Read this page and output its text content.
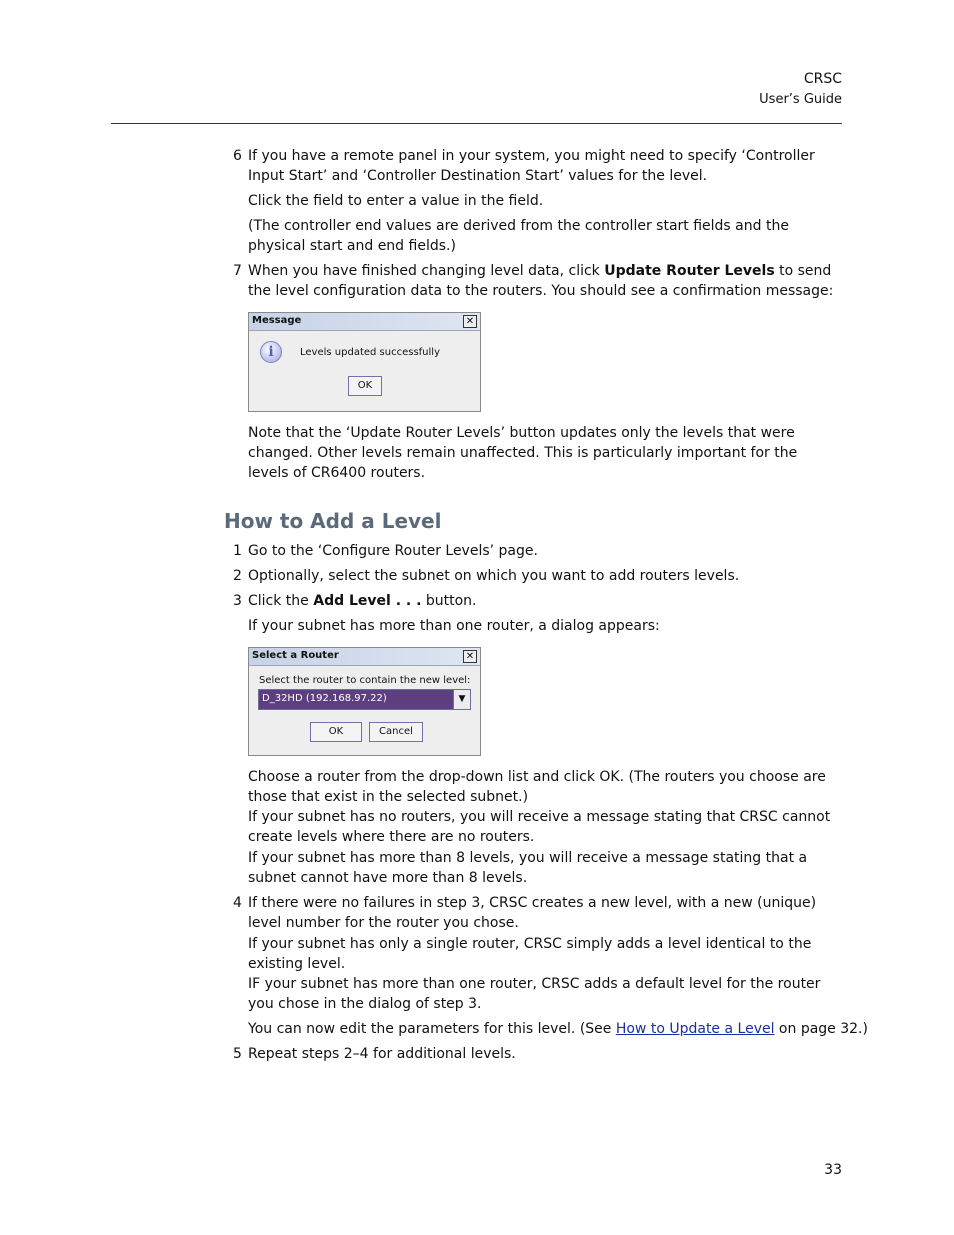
CRSC
User’s Guide
6 If you have a remote panel in your system, you might need to specify ‘Controller Input Start’ and ‘Controller Destination Start’ values for the level.
Click the field to enter a value in the field.
(The controller end values are derived from the controller start fields and the physical start and end fields.)
7 When you have finished changing level data, click Update Router Levels to send the level configuration data to the routers. You should see a confirmation message:
Message	✕
i	Levels updated successfully
OK
Note that the ‘Update Router Levels’ button updates only the levels that were changed. Other levels remain unaffected. This is particularly important for the levels of CR6400 routers.
How to Add a Level
1 Go to the ‘Configure Router Levels’ page.
2 Optionally, select the subnet on which you want to add routers levels.
3 Click the Add Level . . . button.
If your subnet has more than one router, a dialog appears:
Select a Router	✕
Select the router to contain the new level:
D_32HD (192.168.97.22)	▼
OK	Cancel
Choose a router from the drop-down list and click OK. (The routers you choose are those that exist in the selected subnet.)
If your subnet has no routers, you will receive a message stating that CRSC cannot create levels where there are no routers.
If your subnet has more than 8 levels, you will receive a message stating that a subnet cannot have more than 8 levels.
4 If there were no failures in step 3, CRSC creates a new level, with a new (unique) level number for the router you chose.
If your subnet has only a single router, CRSC simply adds a level identical to the existing level.
IF your subnet has more than one router, CRSC adds a default level for the router you chose in the dialog of step 3.
You can now edit the parameters for this level. (See How to Update a Level on page 32.)
5 Repeat steps 2–4 for additional levels.
33
